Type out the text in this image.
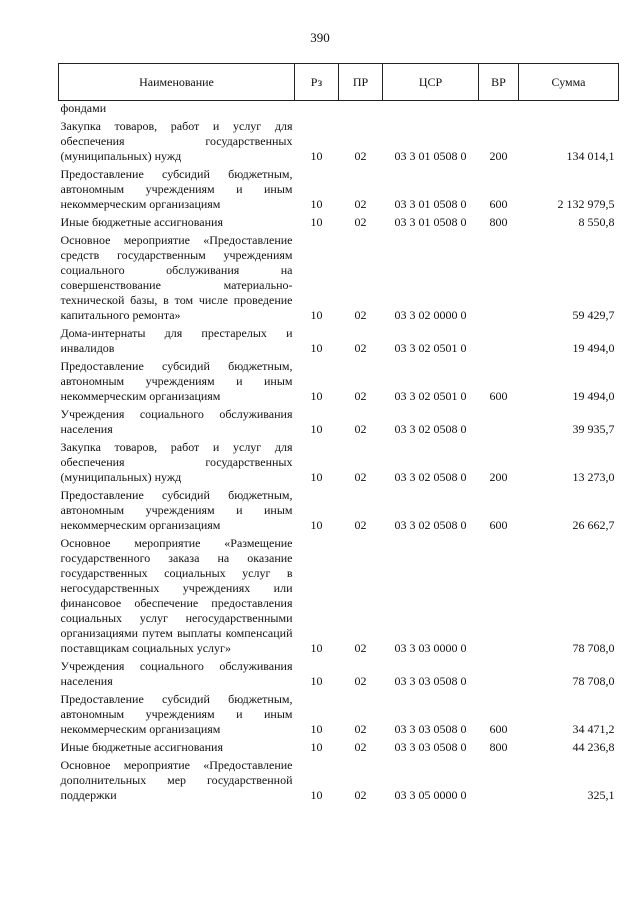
390
Наименование	Рз	ПР	ЦСР	ВР	Сумма
фондами					
Закупка товаров, работ и услуг для обеспечения государственных (муниципальных) нужд	10	02	03 3 01 0508 0	200	134 014,1
Предоставление субсидий бюджетным, автономным учреждениям и иным некоммерческим организациям	10	02	03 3 01 0508 0	600	2 132 979,5
Иные бюджетные ассигнования	10	02	03 3 01 0508 0	800	8 550,8
Основное мероприятие «Предоставление средств государственным учреждениям социального обслуживания на совершенствование материально-технической базы, в том числе проведение капитального ремонта»	10	02	03 3 02 0000 0		59 429,7
Дома-интернаты для престарелых и инвалидов	10	02	03 3 02 0501 0		19 494,0
Предоставление субсидий бюджетным, автономным учреждениям и иным некоммерческим организациям	10	02	03 3 02 0501 0	600	19 494,0
Учреждения социального обслуживания населения	10	02	03 3 02 0508 0		39 935,7
Закупка товаров, работ и услуг для обеспечения государственных (муниципальных) нужд	10	02	03 3 02 0508 0	200	13 273,0
Предоставление субсидий бюджетным, автономным учреждениям и иным некоммерческим организациям	10	02	03 3 02 0508 0	600	26 662,7
Основное мероприятие «Размещение государственного заказа на оказание государственных социальных услуг в негосударственных учреждениях или финансовое обеспечение предоставления социальных услуг негосударственными организациями путем выплаты компенсаций поставщикам социальных услуг»	10	02	03 3 03 0000 0		78 708,0
Учреждения социального обслуживания населения	10	02	03 3 03 0508 0		78 708,0
Предоставление субсидий бюджетным, автономным учреждениям и иным некоммерческим организациям	10	02	03 3 03 0508 0	600	34 471,2
Иные бюджетные ассигнования	10	02	03 3 03 0508 0	800	44 236,8
Основное мероприятие «Предоставление дополнительных мер государственной поддержки	10	02	03 3 05 0000 0		325,1
